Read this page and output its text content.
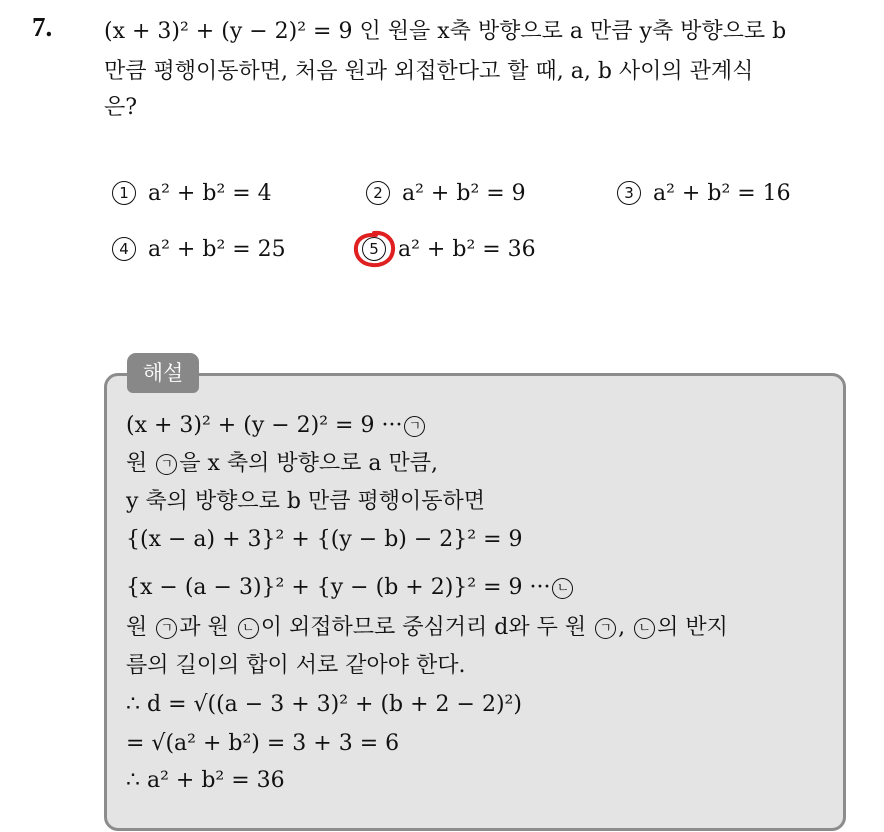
7. (x + 3)² + (y − 2)² = 9 인 원을 x축 방향으로 a 만큼 y축 방향으로 b
만큼 평행이동하면, 처음 원과 외접한다고 할 때, a, b 사이의 관계식
은?
1 a² + b² = 4	2 a² + b² = 9	3 a² + b² = 16
4 a² + b² = 25	5 a² + b² = 36
해설
(x + 3)² + (y − 2)² = 9 ··· ㄱ
원 ㄱ 을 x 축의 방향으로 a 만큼,
y 축의 방향으로 b 만큼 평행이동하면
{(x − a) + 3}² + {(y − b) − 2}² = 9
{x − (a − 3)}² + {y − (b + 2)}² = 9 ··· ㄴ
원 ㄱ 과 원 ㄴ 이 외접하므로 중심거리 d와 두 원 ㄱ , ㄴ 의 반지
름의 길이의 합이 서로 같아야 한다.
∴ d = √((a − 3 + 3)² + (b + 2 − 2)²)
= √(a² + b²) = 3 + 3 = 6
∴ a² + b² = 36
